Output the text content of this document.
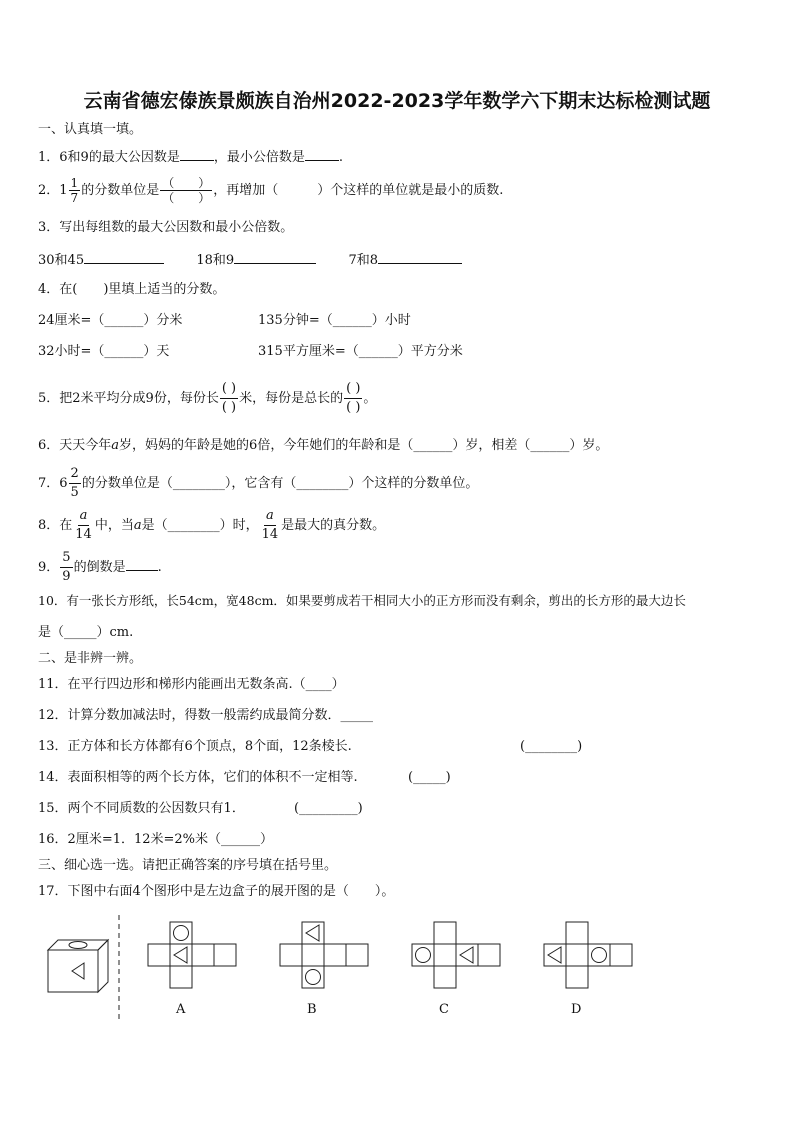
云南省德宏傣族景颇族自治州2022-2023学年数学六下期末达标检测试题
一、认真填一填。
1．6和9的最大公因数是	，最小公倍数是	.
2．$1 \frac{1}{7}$ 的分数单位是 $\frac{( )}{( )}$ ，再增加（　　　）个这样的单位就是最小的质数.
3．写出每组数的最大公因数和最小公倍数。
30和45	18和9	7和8
4．在(　　)里填上适当的分数。
24厘米=（______）分米	135分钟=（______）小时
32小时=（______）天	315平方厘米=（______）平方分米
5．把2米平均分成9份，每份长 $\frac{( )}{( )}$ 米，每份是总长的 $\frac{( )}{( )}$ 。
6．天天今年a岁，妈妈的年龄是她的6倍，今年她们的年龄和是（______）岁，相差（______）岁。
7．$6 \frac{2}{5}$ 的分数单位是（________），它含有（________）个这样的分数单位。
8．在 $\frac{a}{14}$ 中，当a是（________）时， $\frac{a}{14}$ 是最大的真分数。
9． $\frac{5}{9}$ 的倒数是 .
10．有一张长方形纸，长54cm，宽48cm．如果要剪成若干相同大小的正方形而没有剩余，剪出的长方形的最大边长
是（_____）cm.
二、是非辨一辨。
11．在平行四边形和梯形内能画出无数条高.（____）
12．计算分数加减法时，得数一般需约成最简分数．_____
13．正方体和长方体都有6个顶点，8个面，12条棱长.	(________)
14．表面积相等的两个长方体，它们的体积不一定相等.	(_____)
15．两个不同质数的公因数只有1．	(_________)
16．2厘米=1．12米=2%米（______）
三、细心选一选。请把正确答案的序号填在括号里。
17．下图中右面4个图形中是左边盒子的展开图的是（　　）。
A	B	C	D
